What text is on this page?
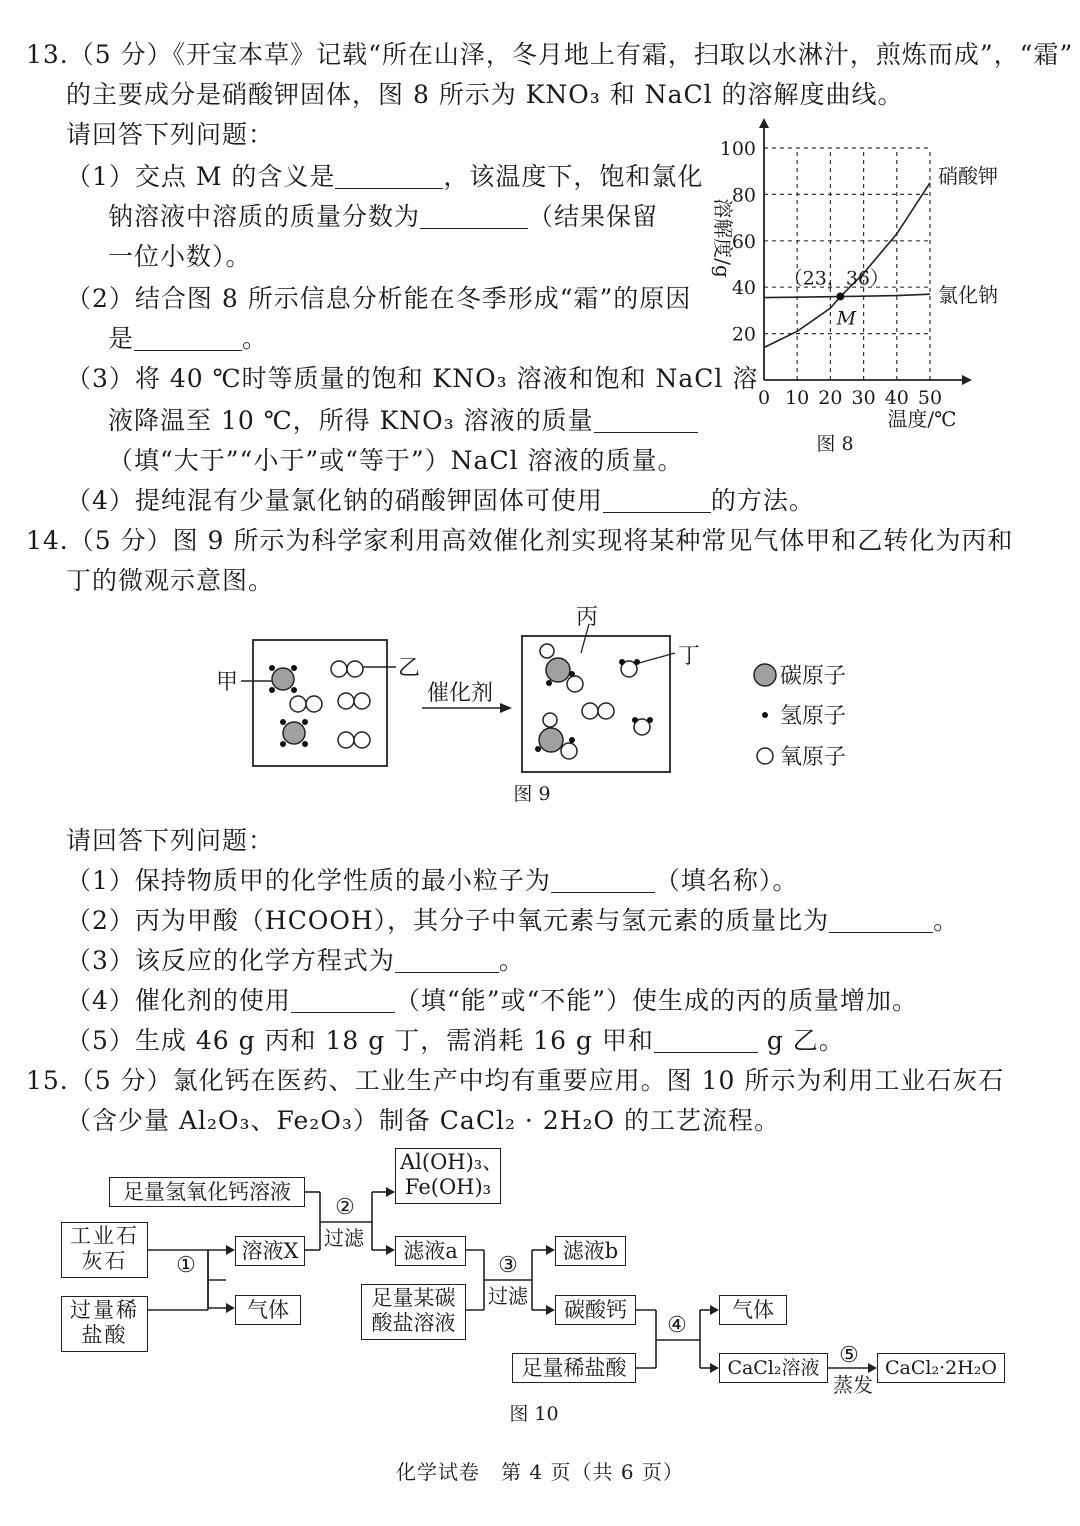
13.（5 分）《开宝本草》记载“所在山泽，冬月地上有霜，扫取以水淋汁，煎炼而成”，“霜”
的主要成分是硝酸钾固体，图 8 所示为 KNO₃ 和 NaCl 的溶解度曲线。
请回答下列问题：
（1）交点 M 的含义是	，该温度下，饱和氯化
钠溶液中溶质的质量分数为	（结果保留
一位小数）。
（2）结合图 8 所示信息分析能在冬季形成“霜”的原因
是	。
（3）将 40 ℃时等质量的饱和 KNO₃ 溶液和饱和 NaCl 溶
液降温至 10 ℃，所得 KNO₃ 溶液的质量
（填“大于”“小于”或“等于”）NaCl 溶液的质量。
（4）提纯混有少量氯化钠的硝酸钾固体可使用	的方法。
0 10 20 30 40 50
20
40
60
80
100
硝酸钾
氯化钠
（23，36）
M
溶解度/g
温度/℃
图 8
14.（5 分）图 9 所示为科学家利用高效催化剂实现将某种常见气体甲和乙转化为丙和
丁的微观示意图。
甲
乙
催化剂
丙
丁
碳原子
氢原子
氧原子
图 9
请回答下列问题：
（1）保持物质甲的化学性质的最小粒子为	（填名称）。
（2）丙为甲酸（HCOOH），其分子中氧元素与氢元素的质量比为	。
（3）该反应的化学方程式为	。
（4）催化剂的使用	（填“能”或“不能”）使生成的丙的质量增加。
（5）生成 46 g 丙和 18 g 丁，需消耗 16 g 甲和	g 乙。
15.（5 分）氯化钙在医药、工业生产中均有重要应用。图 10 所示为利用工业石灰石
（含少量 Al₂O₃、Fe₂O₃）制备 CaCl₂ · 2H₂O 的工艺流程。
①
②
过滤
③
过滤
④
⑤
蒸发
图 10
足量氢氧化钙溶液
Al(OH)₃、Fe(OH)₃
工业石灰石
过量稀盐酸
溶液X
气体
滤液a	滤液b
足量某碳酸盐溶液
碳酸钙
足量稀盐酸
气体
CaCl₂溶液	CaCl₂·2H₂O
化学试卷　第 4 页（共 6 页）
